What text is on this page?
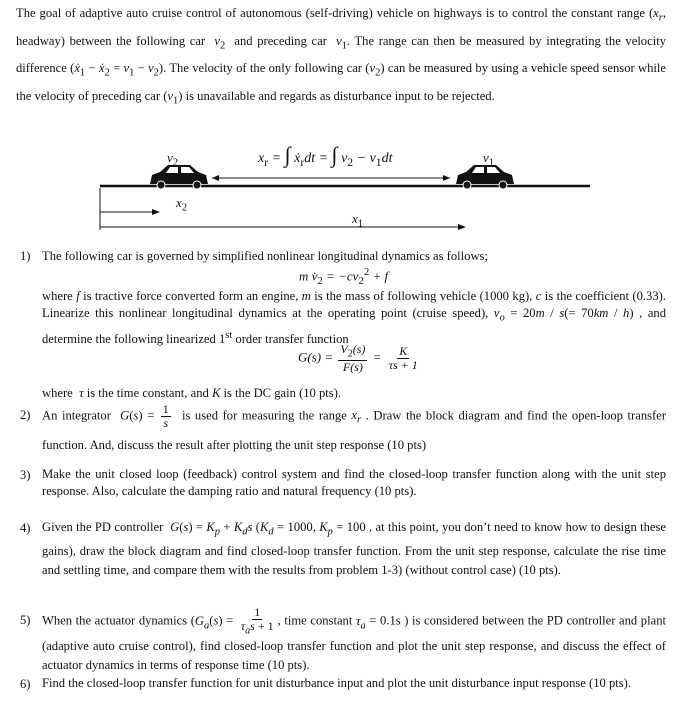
The goal of adaptive auto cruise control of autonomous (self-driving) vehicle on highways is to control the constant range ($x_r$, headway) between the following car  $v_2$  and preceding car  $v_1$. The range can then be measured by integrating the velocity difference (ẋ$_1$ − ẋ$_2$ = $v_1 - v_2$). The velocity of the only following car $(v_2)$ can be measured by using a vehicle speed sensor while the velocity of preceding car $(v_1)$ is unavailable and regards as disturbance input to be rejected.
$v_2$	$v_1$
$x_r$ = ∫ ẋ$_r$dt = ∫ $v_2 - v_1dt$
$x_2$
$x_1$
1) The following car is governed by simplified nonlinear longitudinal dynamics as follows;
m $v̇_2 = -cv_2^2 + f$
where f is tractive force converted form an engine, m is the mass of following vehicle (1000 kg), c is the coefficient (0.33). Linearize this nonlinear longitudinal dynamics at the operating point (cruise speed), $v_o = 20m / s(= 70km / h)$ , and determine the following linearized 1st order transfer function
$G(s) = \frac{V_2(s)}{F(s)} = \frac{K}{\tau s + 1}$
where  τ is the time constant, and K is the DC gain (10 pts).
2) An integrator  $G(s) = \frac{1}{s}$ is used for measuring the range $x_r$ . Draw the block diagram and find the open-loop transfer function. And, discuss the result after plotting the unit step response (10 pts)
3) Make the unit closed loop (feedback) control system and find the closed-loop transfer function along with the unit step response. Also, calculate the damping ratio and natural frequency (10 pts).
4) Given the PD controller  $G(s) = K_p + K_ds$ ($K_d = 1000$, $K_p = 100$ , at this point, you don’t need to know how to design these gains), draw the block diagram and find closed-loop transfer function. From the unit step response, calculate the rise time and settling time, and compare them with the results from problem 1-3) (without control case) (10 pts).
5) When the actuator dynamics ($G_a(s) = \frac{1}{\tau_as + 1}$ , time constant $\tau_a = 0.1s$ ) is considered between the PD controller and plant (adaptive auto cruise control), find closed-loop transfer function and plot the unit step response, and discuss the effect of actuator dynamics in terms of response time (10 pts).
6) Find the closed-loop transfer function for unit disturbance input and plot the unit disturbance input response (10 pts).
